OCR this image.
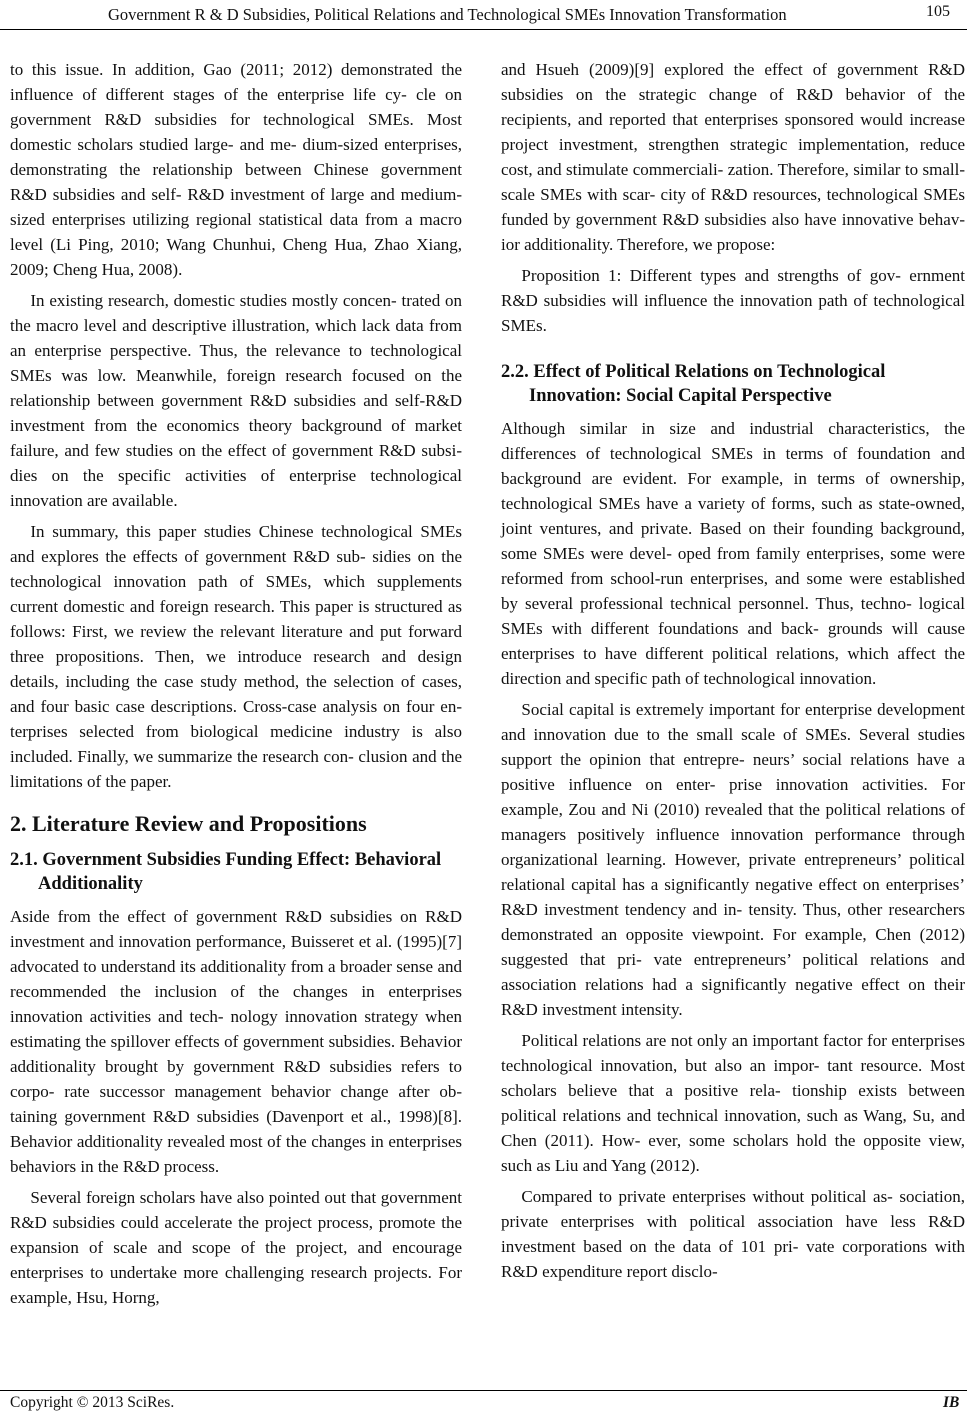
Government R & D Subsidies, Political Relations and Technological SMEs Innovation Transformation	105

to this issue. In addition, Gao (2011; 2012) demonstrated the influence of different stages of the enterprise life cy- cle on government R&D subsidies for technological SMEs. Most domestic scholars studied large- and me- dium-sized enterprises, demonstrating the relationship between Chinese government R&D subsidies and self- R&D investment of large and medium-sized enterprises utilizing regional statistical data from a macro level (Li Ping, 2010; Wang Chunhui, Cheng Hua, Zhao Xiang, 2009; Cheng Hua, 2008).

In existing research, domestic studies mostly concen- trated on the macro level and descriptive illustration, which lack data from an enterprise perspective. Thus, the relevance to technological SMEs was low. Meanwhile, foreign research focused on the relationship between government R&D subsidies and self-R&D investment from the economics theory background of market failure, and few studies on the effect of government R&D subsi- dies on the specific activities of enterprise technological innovation are available.

In summary, this paper studies Chinese technological SMEs and explores the effects of government R&D sub- sidies on the technological innovation path of SMEs, which supplements current domestic and foreign research. This paper is structured as follows: First, we review the relevant literature and put forward three propositions. Then, we introduce research and design details, including the case study method, the selection of cases, and four basic case descriptions. Cross-case analysis on four en- terprises selected from biological medicine industry is also included. Finally, we summarize the research con- clusion and the limitations of the paper.

2. Literature Review and Propositions
2.1. Government Subsidies Funding Effect: Behavioral Additionality

Aside from the effect of government R&D subsidies on R&D investment and innovation performance, Buisseret et al. (1995)[7] advocated to understand its additionality from a broader sense and recommended the inclusion of the changes in enterprises innovation activities and tech- nology innovation strategy when estimating the spillover effects of government subsidies. Behavior additionality brought by government R&D subsidies refers to corpo- rate successor management behavior change after ob- taining government R&D subsidies (Davenport et al., 1998)[8]. Behavior additionality revealed most of the changes in enterprises behaviors in the R&D process.

Several foreign scholars have also pointed out that government R&D subsidies could accelerate the project process, promote the expansion of scale and scope of the project, and encourage enterprises to undertake more challenging research projects. For example, Hsu, Horng,

and Hsueh (2009)[9] explored the effect of government R&D subsidies on the strategic change of R&D behavior of the recipients, and reported that enterprises sponsored would increase project investment, strengthen strategic implementation, reduce cost, and stimulate commerciali- zation. Therefore, similar to small-scale SMEs with scar- city of R&D resources, technological SMEs funded by government R&D subsidies also have innovative behav- ior additionality. Therefore, we propose:

Proposition 1: Different types and strengths of gov- ernment R&D subsidies will influence the innovation path of technological SMEs.

2.2. Effect of Political Relations on Technological Innovation: Social Capital Perspective

Although similar in size and industrial characteristics, the differences of technological SMEs in terms of foundation and background are evident. For example, in terms of ownership, technological SMEs have a variety of forms, such as state-owned, joint ventures, and private. Based on their founding background, some SMEs were devel- oped from family enterprises, some were reformed from school-run enterprises, and some were established by several professional technical personnel. Thus, techno- logical SMEs with different foundations and back- grounds will cause enterprises to have different political relations, which affect the direction and specific path of technological innovation.

Social capital is extremely important for enterprise development and innovation due to the small scale of SMEs. Several studies support the opinion that entrepre- neurs’ social relations have a positive influence on enter- prise innovation activities. For example, Zou and Ni (2010) revealed that the political relations of managers positively influence innovation performance through organizational learning. However, private entrepreneurs’ political relational capital has a significantly negative effect on enterprises’ R&D investment tendency and in- tensity. Thus, other researchers demonstrated an opposite viewpoint. For example, Chen (2012) suggested that pri- vate entrepreneurs’ political relations and association relations had a significantly negative effect on their R&D investment intensity.

Political relations are not only an important factor for enterprises technological innovation, but also an impor- tant resource. Most scholars believe that a positive rela- tionship exists between political relations and technical innovation, such as Wang, Su, and Chen (2011). How- ever, some scholars hold the opposite view, such as Liu and Yang (2012).

Compared to private enterprises without political as- sociation, private enterprises with political association have less R&D investment based on the data of 101 pri- vate corporations with R&D expenditure report disclo-

Copyright © 2013 SciRes.	IB
